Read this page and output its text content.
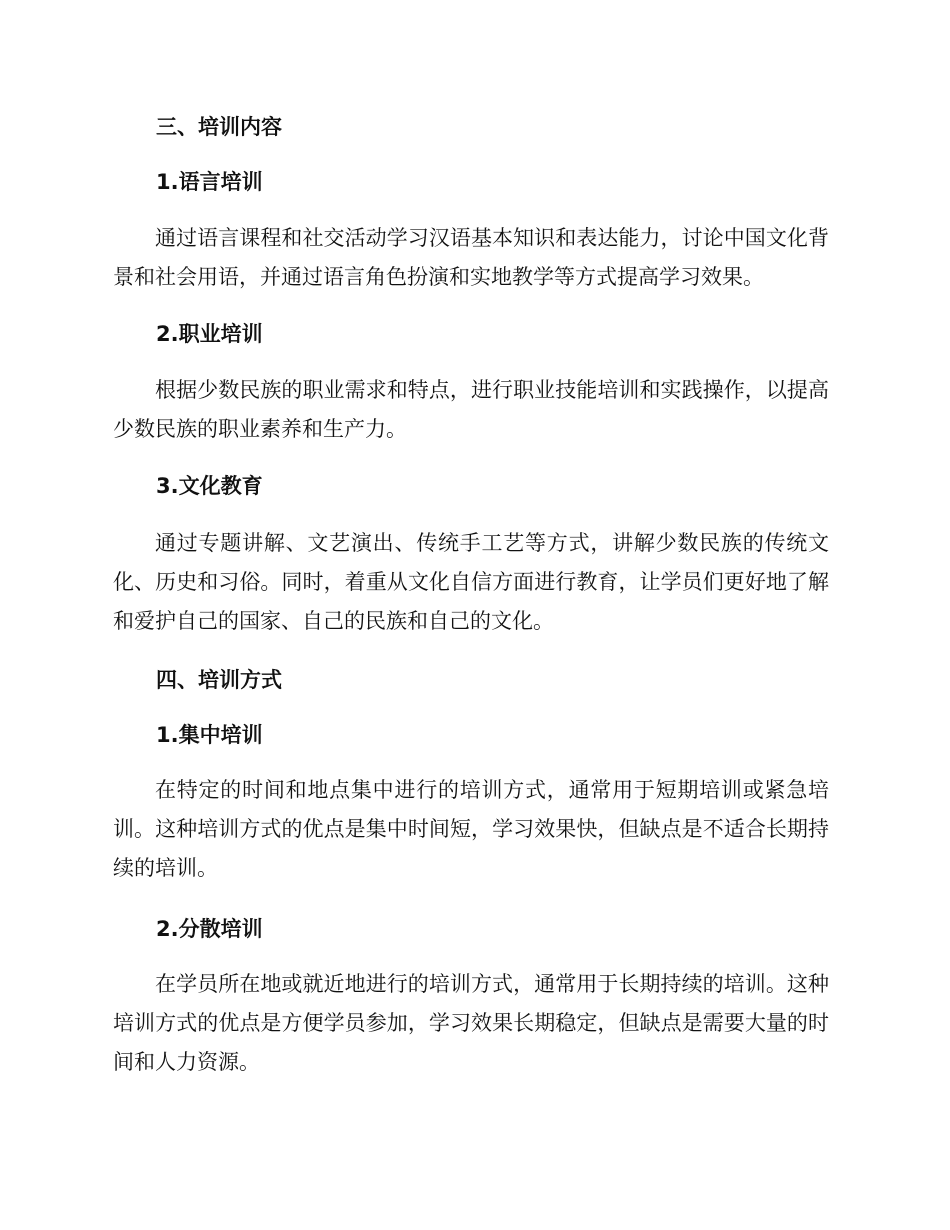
三、培训内容
1.语言培训
通过语言课程和社交活动学习汉语基本知识和表达能力，讨论中国文化背景和社会用语，并通过语言角色扮演和实地教学等方式提高学习效果。
2.职业培训
根据少数民族的职业需求和特点，进行职业技能培训和实践操作，以提高少数民族的职业素养和生产力。
3.文化教育
通过专题讲解、文艺演出、传统手工艺等方式，讲解少数民族的传统文化、历史和习俗。同时，着重从文化自信方面进行教育，让学员们更好地了解和爱护自己的国家、自己的民族和自己的文化。
四、培训方式
1.集中培训
在特定的时间和地点集中进行的培训方式，通常用于短期培训或紧急培训。这种培训方式的优点是集中时间短，学习效果快，但缺点是不适合长期持续的培训。
2.分散培训
在学员所在地或就近地进行的培训方式，通常用于长期持续的培训。这种培训方式的优点是方便学员参加，学习效果长期稳定，但缺点是需要大量的时间和人力资源。
